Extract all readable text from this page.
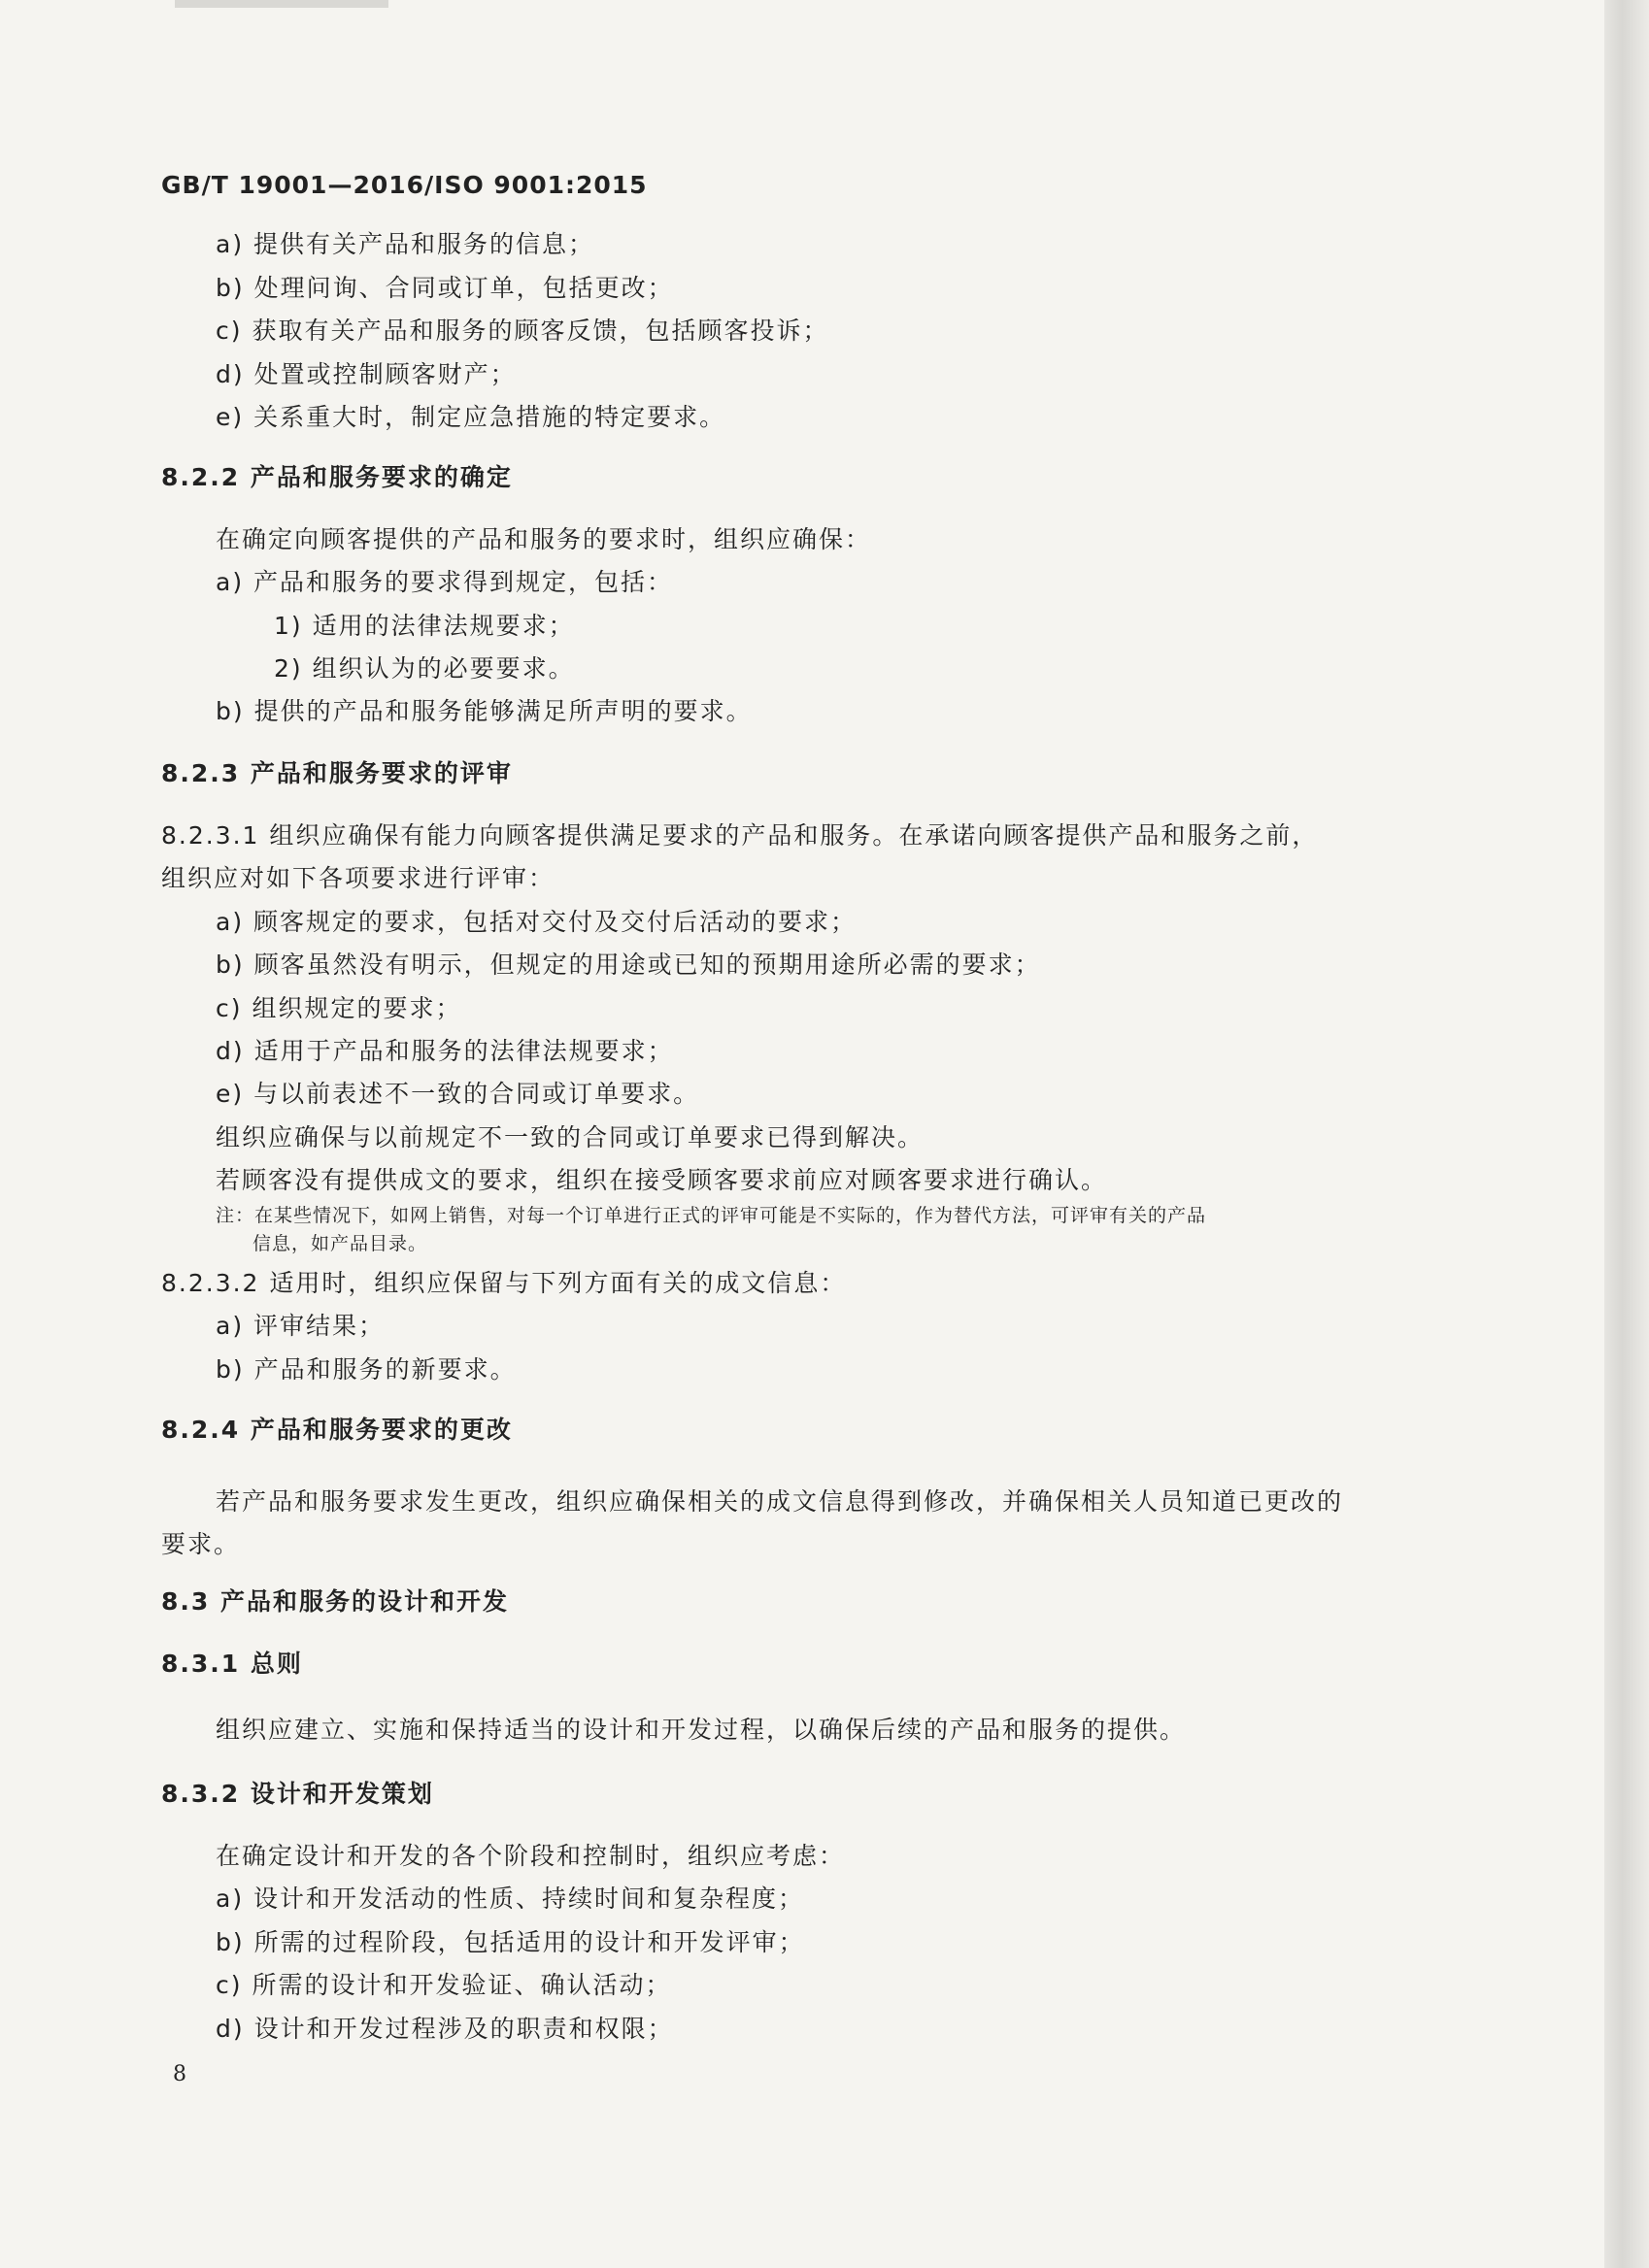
GB/T 19001—2016/ISO 9001:2015
a) 提供有关产品和服务的信息；
b) 处理问询、合同或订单，包括更改；
c) 获取有关产品和服务的顾客反馈，包括顾客投诉；
d) 处置或控制顾客财产；
e) 关系重大时，制定应急措施的特定要求。
8.2.2 产品和服务要求的确定
在确定向顾客提供的产品和服务的要求时，组织应确保：
a) 产品和服务的要求得到规定，包括：
1) 适用的法律法规要求；
2) 组织认为的必要要求。
b) 提供的产品和服务能够满足所声明的要求。
8.2.3 产品和服务要求的评审
8.2.3.1 组织应确保有能力向顾客提供满足要求的产品和服务。在承诺向顾客提供产品和服务之前，
组织应对如下各项要求进行评审：
a) 顾客规定的要求，包括对交付及交付后活动的要求；
b) 顾客虽然没有明示，但规定的用途或已知的预期用途所必需的要求；
c) 组织规定的要求；
d) 适用于产品和服务的法律法规要求；
e) 与以前表述不一致的合同或订单要求。
组织应确保与以前规定不一致的合同或订单要求已得到解决。
若顾客没有提供成文的要求，组织在接受顾客要求前应对顾客要求进行确认。
注：在某些情况下，如网上销售，对每一个订单进行正式的评审可能是不实际的，作为替代方法，可评审有关的产品
信息，如产品目录。
8.2.3.2 适用时，组织应保留与下列方面有关的成文信息：
a) 评审结果；
b) 产品和服务的新要求。
8.2.4 产品和服务要求的更改
若产品和服务要求发生更改，组织应确保相关的成文信息得到修改，并确保相关人员知道已更改的
要求。
8.3 产品和服务的设计和开发
8.3.1 总则
组织应建立、实施和保持适当的设计和开发过程，以确保后续的产品和服务的提供。
8.3.2 设计和开发策划
在确定设计和开发的各个阶段和控制时，组织应考虑：
a) 设计和开发活动的性质、持续时间和复杂程度；
b) 所需的过程阶段，包括适用的设计和开发评审；
c) 所需的设计和开发验证、确认活动；
d) 设计和开发过程涉及的职责和权限；
8
